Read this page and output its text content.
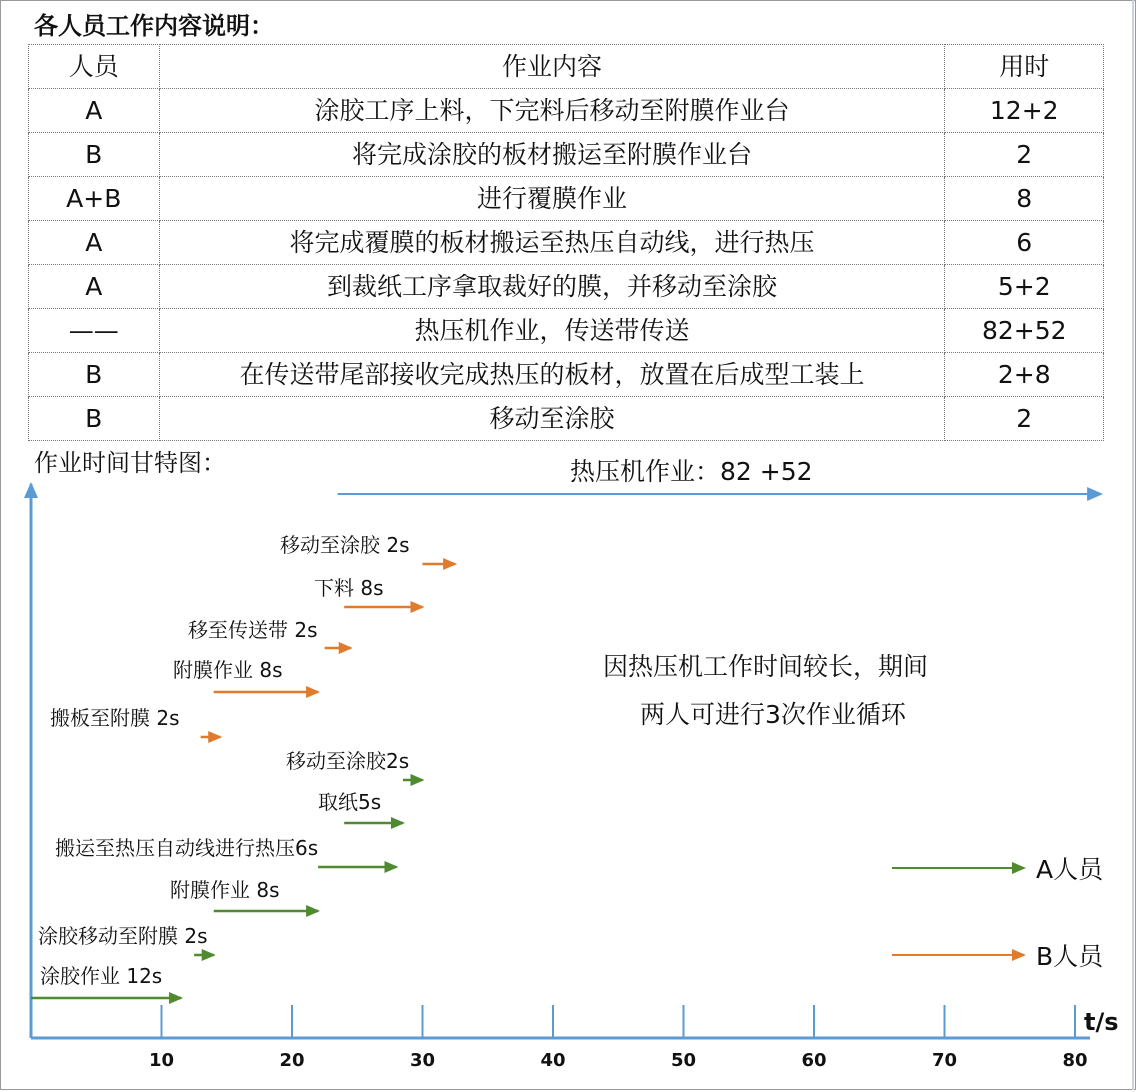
各人员工作内容说明：
人员	作业内容	用时
A	涂胶工序上料，下完料后移动至附膜作业台	12+2
B	将完成涂胶的板材搬运至附膜作业台	2
A+B	进行覆膜作业	8
A	将完成覆膜的板材搬运至热压自动线，进行热压	6
A	到裁纸工序拿取裁好的膜，并移动至涂胶	5+2
——	热压机作业，传送带传送	82+52
B	在传送带尾部接收完成热压的板材，放置在后成型工装上	2+8
B	移动至涂胶	2
作业时间甘特图：
t/s
10	20	30	40	50	60	70	80
热压机作业：82 +52
移动至涂胶 2s
下料 8s
移至传送带 2s
附膜作业 8s
搬板至附膜 2s
移动至涂胶2s
取纸5s
搬运至热压自动线进行热压6s
附膜作业 8s
涂胶移动至附膜 2s
涂胶作业 12s
因热压机工作时间较长，期间
两人可进行3次作业循环
A人员
B人员
